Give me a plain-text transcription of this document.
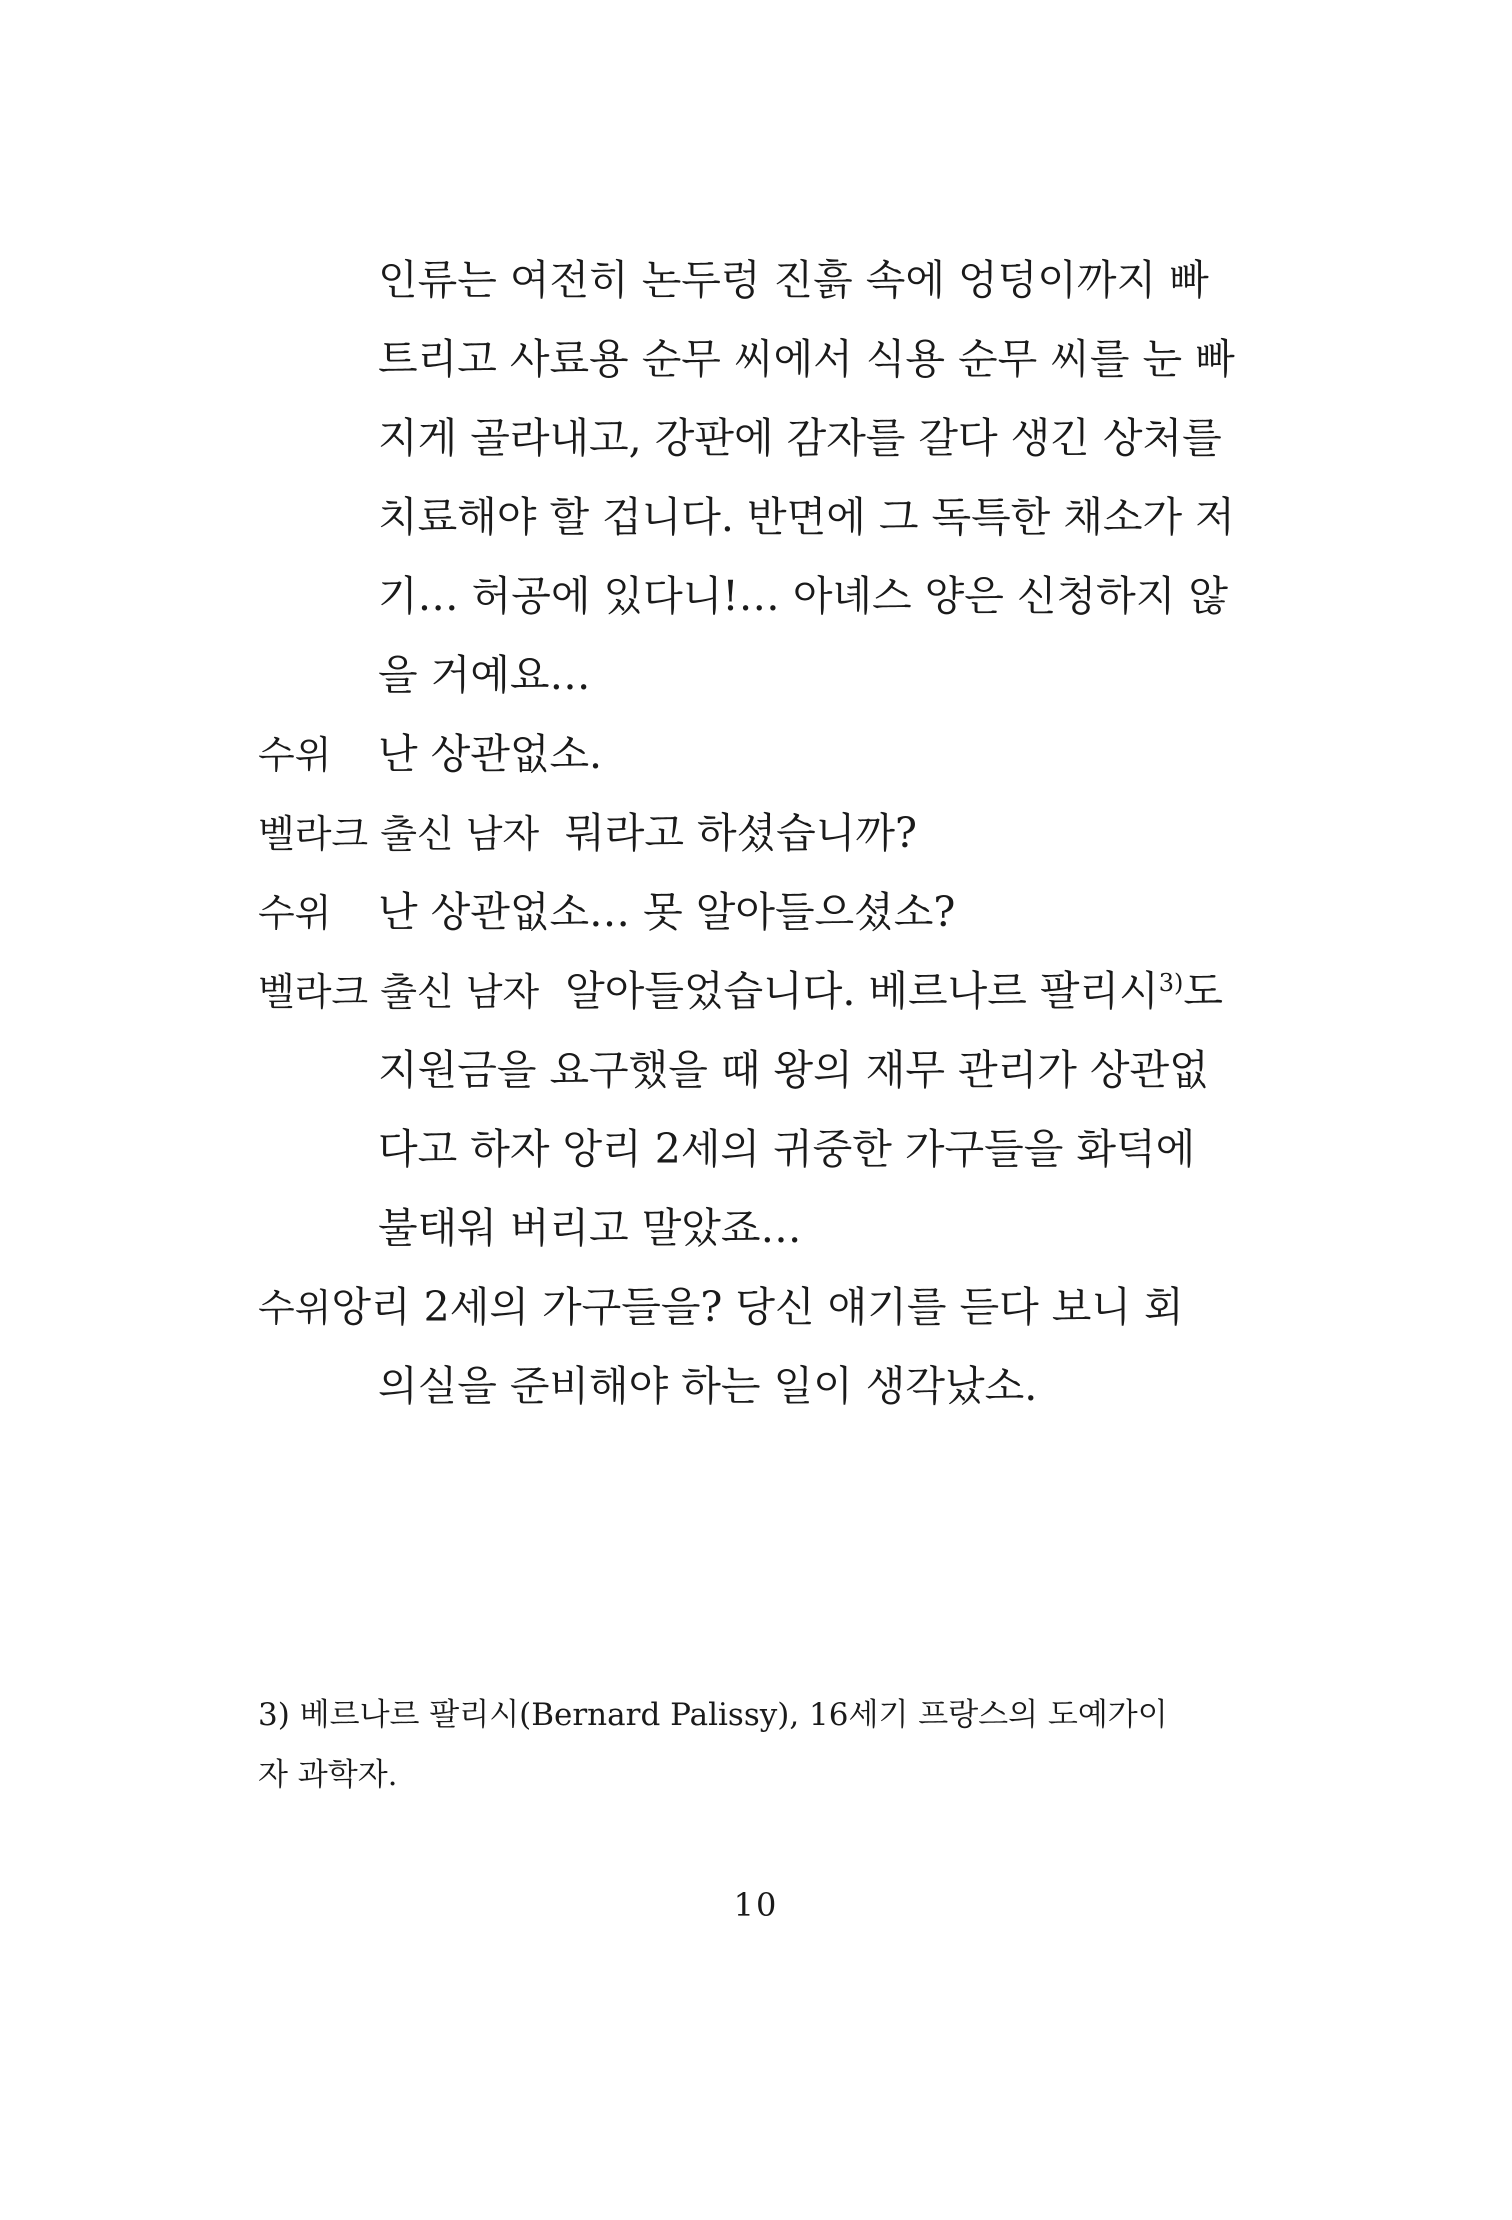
인류는 여전히 논두렁 진흙 속에 엉덩이까지 빠
트리고 사료용 순무 씨에서 식용 순무 씨를 눈 빠
지게 골라내고, 강판에 감자를 갈다 생긴 상처를
치료해야 할 겁니다. 반면에 그 독특한 채소가 저
기… 허공에 있다니!… 아녜스 양은 신청하지 않
을 거예요…
수위	난 상관없소.
벨라크 출신 남자 뭐라고 하셨습니까?
수위	난 상관없소… 못 알아들으셨소?
벨라크 출신 남자 알아들었습니다. 베르나르 팔리시$^{3)}$도
지원금을 요구했을 때 왕의 재무 관리가 상관없
다고 하자 앙리 2세의 귀중한 가구들을 화덕에
불태워 버리고 말았죠…
수위 앙리 2세의 가구들을? 당신 얘기를 듣다 보니 회
의실을 준비해야 하는 일이 생각났소.
3) 베르나르 팔리시(Bernard Palissy), 16세기 프랑스의 도예가이
자 과학자.
10
